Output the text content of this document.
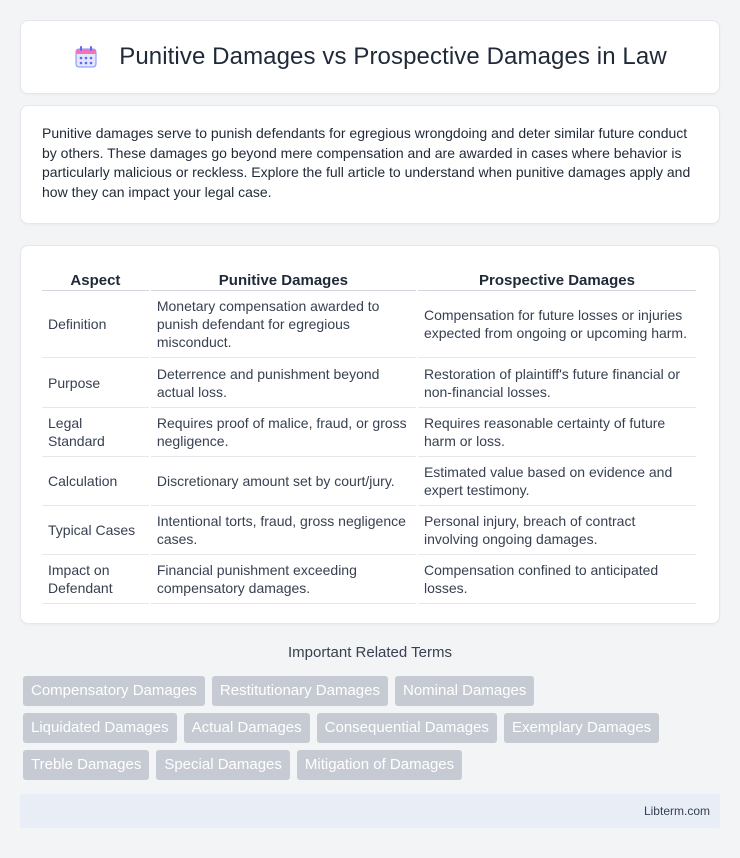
Punitive Damages vs Prospective Damages in Law

Punitive damages serve to punish defendants for egregious wrongdoing and deter similar future conduct by others. These damages go beyond mere compensation and are awarded in cases where behavior is particularly malicious or reckless. Explore the full article to understand when punitive damages apply and how they can impact your legal case.

Aspect	Punitive Damages	Prospective Damages
Definition	Monetary compensation awarded to punish defendant for egregious misconduct.	Compensation for future losses or injuries expected from ongoing or upcoming harm.
Purpose	Deterrence and punishment beyond actual loss.	Restoration of plaintiff's future financial or non-financial losses.
Legal Standard	Requires proof of malice, fraud, or gross negligence.	Requires reasonable certainty of future harm or loss.
Calculation	Discretionary amount set by court/jury.	Estimated value based on evidence and expert testimony.
Typical Cases	Intentional torts, fraud, gross negligence cases.	Personal injury, breach of contract involving ongoing damages.
Impact on Defendant	Financial punishment exceeding compensatory damages.	Compensation confined to anticipated losses.
Important Related Terms
Compensatory Damages	Restitutionary Damages	Nominal Damages
Liquidated Damages	Actual Damages	Consequential Damages	Exemplary Damages
Treble Damages	Special Damages	Mitigation of Damages
Libterm.com
